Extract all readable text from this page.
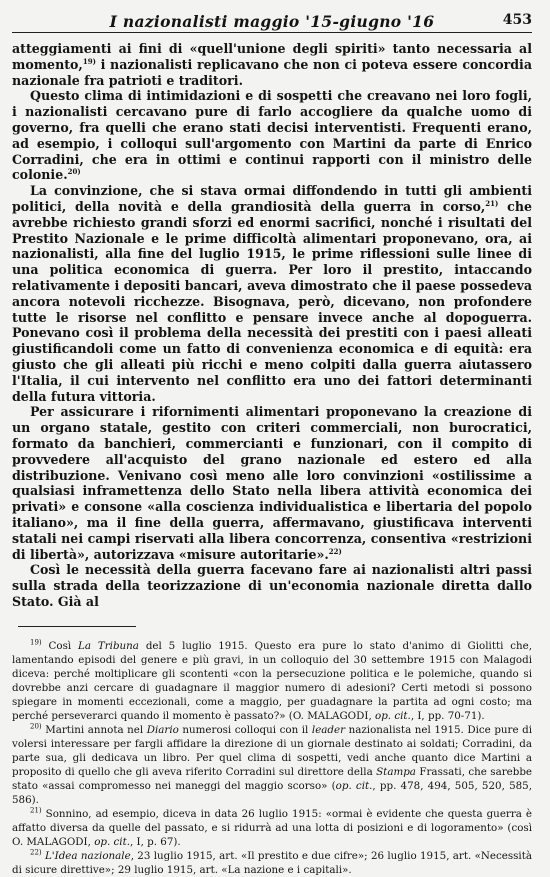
I nazionalisti maggio '15-giugno '16	453

atteggiamenti ai fini di «quell'unione degli spiriti» tanto necessaria al momento,$^{19)}$ i nazionalisti replicavano che non ci poteva essere concordia nazionale fra patrioti e traditori.

Questo clima di intimidazioni e di sospetti che creavano nei loro fogli, i nazionalisti cercavano pure di farlo accogliere da qualche uomo di governo, fra quelli che erano stati decisi interventisti. Frequenti erano, ad esempio, i colloqui sull'argomento con Martini da parte di Enrico Corradini, che era in ottimi e continui rapporti con il ministro delle colonie.$^{20)}$

La convinzione, che si stava ormai diffondendo in tutti gli ambienti politici, della novità e della grandiosità della guerra in corso,$^{21)}$ che avrebbe richiesto grandi sforzi ed enormi sacrifici, nonché i risultati del Prestito Nazionale e le prime difficoltà alimentari proponevano, ora, ai nazionalisti, alla fine del luglio 1915, le prime riflessioni sulle linee di una politica economica di guerra. Per loro il prestito, intaccando relativamente i depositi bancari, aveva dimostrato che il paese possedeva ancora notevoli ricchezze. Bisognava, però, dicevano, non profondere tutte le risorse nel conflitto e pensare invece anche al dopoguerra. Ponevano così il problema della necessità dei prestiti con i paesi alleati giustificandoli come un fatto di convenienza economica e di equità: era giusto che gli alleati più ricchi e meno colpiti dalla guerra aiutassero l'Italia, il cui intervento nel conflitto era uno dei fattori determinanti della futura vittoria.

Per assicurare i rifornimenti alimentari proponevano la creazione di un organo statale, gestito con criteri commerciali, non burocratici, formato da banchieri, commercianti e funzionari, con il compito di provvedere all'acquisto del grano nazionale ed estero ed alla distribuzione. Venivano così meno alle loro convinzioni «ostilissime a qualsiasi inframettenza dello Stato nella libera attività economica dei privati» e consone «alla coscienza individualistica e libertaria del popolo italiano», ma il fine della guerra, affermavano, giustificava interventi statali nei campi riservati alla libera concorrenza, consentiva «restrizioni di libertà», autorizzava «misure autoritarie».$^{22)}$

Così le necessità della guerra facevano fare ai nazionalisti altri passi sulla strada della teorizzazione di un'economia nazionale diretta dallo Stato. Già al

$^{19)}$ Così La Tribuna del 5 luglio 1915. Questo era pure lo stato d'animo di Giolitti che, lamentando episodi del genere e più gravi, in un colloquio del 30 settembre 1915 con Malagodi diceva: perché moltiplicare gli scontenti «con la persecuzione politica e le polemiche, quando si dovrebbe anzi cercare di guadagnare il maggior numero di adesioni? Certi metodi si possono spiegare in momenti eccezionali, come a maggio, per guadagnare la partita ad ogni costo; ma perché perseverarci quando il momento è passato?» (O. MALAGODI, op. cit., I, pp. 70-71).

$^{20)}$ Martini annota nel Diario numerosi colloqui con il leader nazionalista nel 1915. Dice pure di volersi interessare per fargli affidare la direzione di un giornale destinato ai soldati; Corradini, da parte sua, gli dedicava un libro. Per quel clima di sospetti, vedi anche quanto dice Martini a proposito di quello che gli aveva riferito Corradini sul direttore della Stampa Frassati, che sarebbe stato «assai compromesso nei maneggi del maggio scorso» (op. cit., pp. 478, 494, 505, 520, 585, 586).

$^{21)}$ Sonnino, ad esempio, diceva in data 26 luglio 1915: «ormai è evidente che questa guerra è affatto diversa da quelle del passato, e si ridurrà ad una lotta di posizioni e di logoramento» (così O. MALAGODI, op. cit., I, p. 67).

$^{22)}$ L'Idea nazionale, 23 luglio 1915, art. «Il prestito e due cifre»; 26 luglio 1915, art. «Necessità di sicure direttive»; 29 luglio 1915, art. «La nazione e i capitali».
